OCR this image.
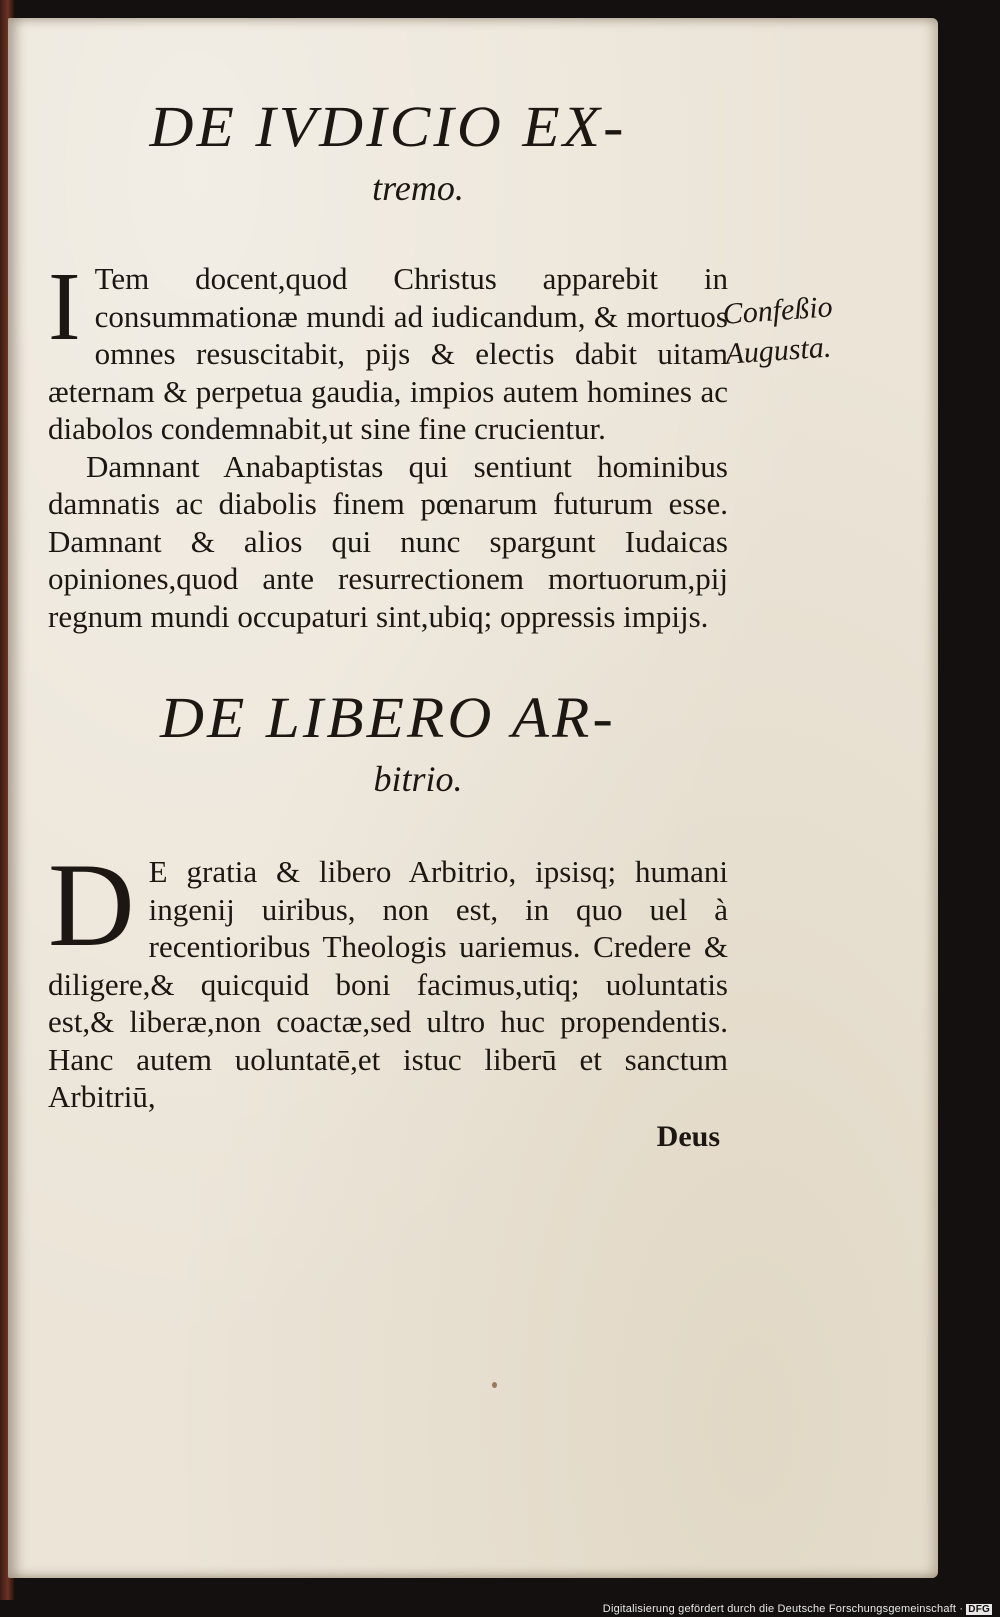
DE IVDICIO EX-

tremo.

I Tem docent,quod Christus apparebit in consummationæ mundi ad iudicandum, & mortuos omnes resuscitabit, pijs & electis dabit uitam æternam & perpetua gaudia, impios autem homines ac diabolos condemnabit,ut sine fine crucientur.

Damnant Anabaptistas qui sentiunt hominibus damnatis ac diabolis finem pœnarum futurum esse. Damnant & alios qui nunc spargunt Iudaicas opiniones,quod ante resurrectionem mortuorum,pij regnum mundi occupaturi sint,ubiq; oppressis impijs.

DE LIBERO AR-

bitrio.

D E gratia & libero Arbitrio, ipsisq; humani ingenij uiribus, non est, in quo uel à recentioribus Theologis uariemus. Credere & diligere,& quicquid boni facimus,utiq; uoluntatis est,& liberæ,non coactæ,sed ultro huc propendentis. Hanc autem uoluntatē,et istuc liberū et sanctum Arbitriū,

Deus

Confeßio
Augusta.
Digitalisierung gefördert durch die Deutsche Forschungsgemeinschaft · DFG
